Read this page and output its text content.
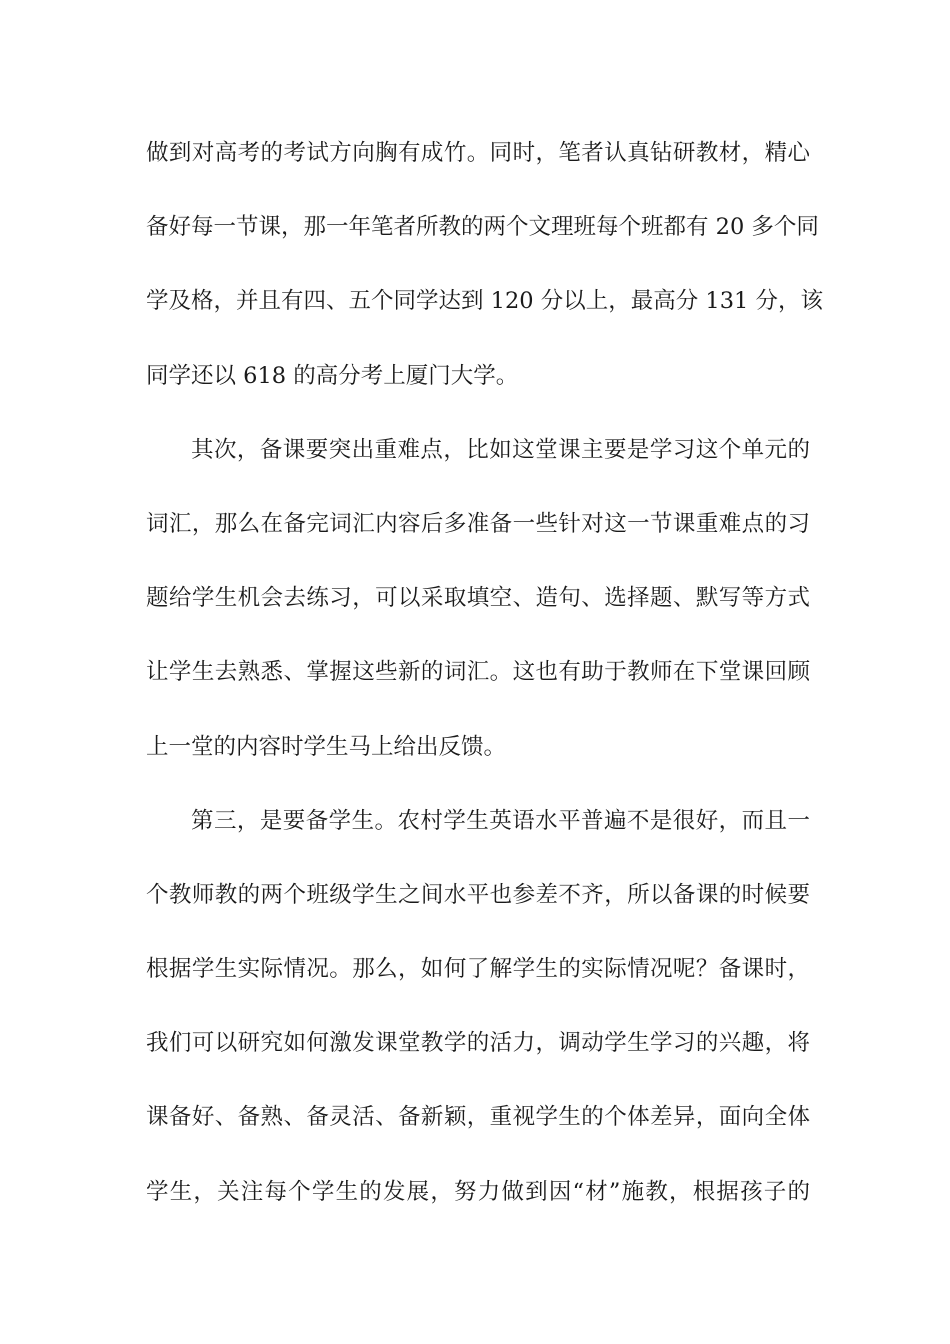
做到对高考的考试方向胸有成竹。同时，笔者认真钻研教材，精心
备好每一节课，那一年笔者所教的两个文理班每个班都有 20 多个同
学及格，并且有四、五个同学达到 120 分以上，最高分 131 分，该
同学还以 618 的高分考上厦门大学。
其次，备课要突出重难点，比如这堂课主要是学习这个单元的
词汇，那么在备完词汇内容后多准备一些针对这一节课重难点的习
题给学生机会去练习，可以采取填空、造句、选择题、默写等方式
让学生去熟悉、掌握这些新的词汇。这也有助于教师在下堂课回顾
上一堂的内容时学生马上给出反馈。
第三，是要备学生。农村学生英语水平普遍不是很好，而且一
个教师教的两个班级学生之间水平也参差不齐，所以备课的时候要
根据学生实际情况。那么，如何了解学生的实际情况呢？备课时，
我们可以研究如何激发课堂教学的活力，调动学生学习的兴趣，将
课备好、备熟、备灵活、备新颖，重视学生的个体差异，面向全体
学生，关注每个学生的发展，努力做到因“材”施教，根据孩子的
